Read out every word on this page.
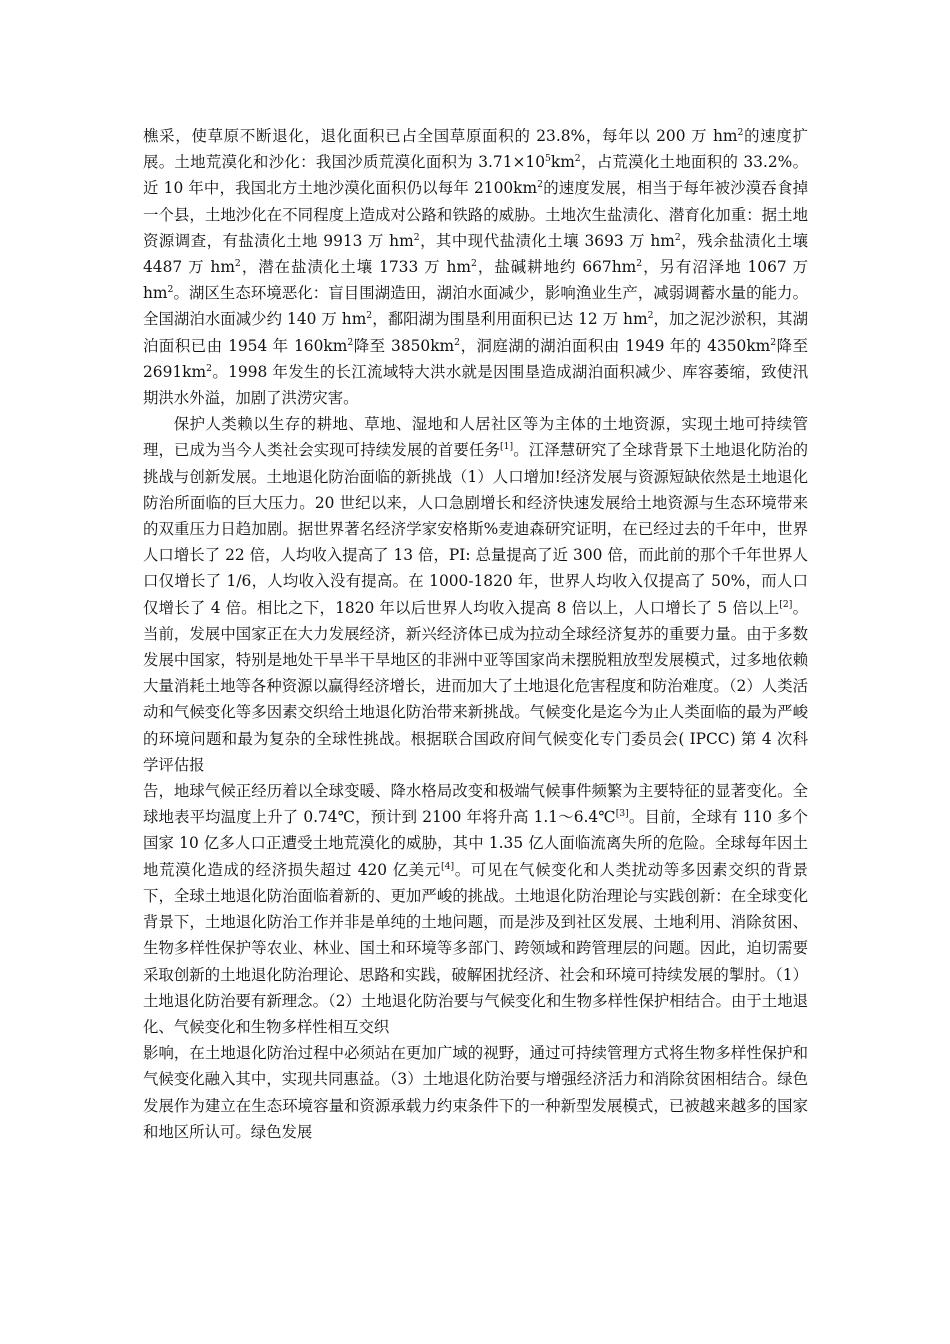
樵采，使草原不断退化，退化面积已占全国草原面积的 23.8%，每年以 200 万 $hm^2$的速度扩展。土地荒漠化和沙化：我国沙质荒漠化面积为 $3.71\times 10^5km^2$，占荒漠化土地面积的 33.2%。近 10 年中，我国北方土地沙漠化面积仍以每年 $2100km^2$的速度发展，相当于每年被沙漠吞食掉一个县，土地沙化在不同程度上造成对公路和铁路的威胁。土地次生盐渍化、潜育化加重：据土地资源调查，有盐渍化土地 9913 万 $hm^2$，其中现代盐渍化土壤 3693 万 $hm^2$，残余盐渍化土壤 4487 万 $hm^2$，潜在盐渍化土壤 1733 万 $hm^2$，盐碱耕地约 $667hm^2$，另有沼泽地 1067 万 $hm^2$。湖区生态环境恶化：盲目围湖造田，湖泊水面减少，影响渔业生产，减弱调蓄水量的能力。全国湖泊水面减少约 140 万 $hm^2$，鄱阳湖为围垦利用面积已达 12 万 $hm^2$，加之泥沙淤积，其湖泊面积已由 1954 年 $160km^2$降至 $3850km^2$，洞庭湖的湖泊面积由 1949 年的 $4350km^2$降至 $2691km^2$。1998 年发生的长江流域特大洪水就是因围垦造成湖泊面积减少、库容萎缩，致使汛期洪水外溢，加剧了洪涝灾害。

保护人类赖以生存的耕地、草地、湿地和人居社区等为主体的土地资源，实现土地可持续管理，已成为当今人类社会实现可持续发展的首要任务[1]。江泽慧研究了全球背景下土地退化防治的挑战与创新发展。土地退化防治面临的新挑战（1）人口增加!经济发展与资源短缺依然是土地退化防治所面临的巨大压力。20 世纪以来，人口急剧增长和经济快速发展给土地资源与生态环境带来的双重压力日趋加剧。据世界著名经济学家安格斯%麦迪森研究证明，在已经过去的千年中，世界人口增长了 22 倍，人均收入提高了 13 倍，PI: 总量提高了近 300 倍，而此前的那个千年世界人口仅增长了 1/6，人均收入没有提高。在 1000-1820 年，世界人均收入仅提高了 50%，而人口仅增长了 4 倍。相比之下，1820 年以后世界人均收入提高 8 倍以上，人口增长了 5 倍以上[2]。当前，发展中国家正在大力发展经济，新兴经济体已成为拉动全球经济复苏的重要力量。由于多数发展中国家，特别是地处干旱半干旱地区的非洲中亚等国家尚未摆脱粗放型发展模式，过多地依赖大量消耗土地等各种资源以赢得经济增长，进而加大了土地退化危害程度和防治难度。（2）人类活动和气候变化等多因素交织给土地退化防治带来新挑战。气候变化是迄今为止人类面临的最为严峻的环境问题和最为复杂的全球性挑战。根据联合国政府间气候变化专门委员会( IPCC) 第 4 次科学评估报

告，地球气候正经历着以全球变暖、降水格局改变和极端气候事件频繁为主要特征的显著变化。全球地表平均温度上升了 0.74℃，预计到 2100 年将升高 1.1～6.4℃[3]。目前，全球有 110 多个国家 10 亿多人口正遭受土地荒漠化的威胁，其中 1.35 亿人面临流离失所的危险。全球每年因土地荒漠化造成的经济损失超过 420 亿美元[4]。可见在气候变化和人类扰动等多因素交织的背景下，全球土地退化防治面临着新的、更加严峻的挑战。土地退化防治理论与实践创新：在全球变化背景下，土地退化防治工作并非是单纯的土地问题，而是涉及到社区发展、土地利用、消除贫困、生物多样性保护等农业、林业、国土和环境等多部门、跨领域和跨管理层的问题。因此，迫切需要采取创新的土地退化防治理论、思路和实践，破解困扰经济、社会和环境可持续发展的掣肘。（1）土地退化防治要有新理念。（2）土地退化防治要与气候变化和生物多样性保护相结合。由于土地退化、气候变化和生物多样性相互交织

影响，在土地退化防治过程中必须站在更加广域的视野，通过可持续管理方式将生物多样性保护和气候变化融入其中，实现共同惠益。（3）土地退化防治要与增强经济活力和消除贫困相结合。绿色发展作为建立在生态环境容量和资源承载力约束条件下的一种新型发展模式，已被越来越多的国家和地区所认可。绿色发展
